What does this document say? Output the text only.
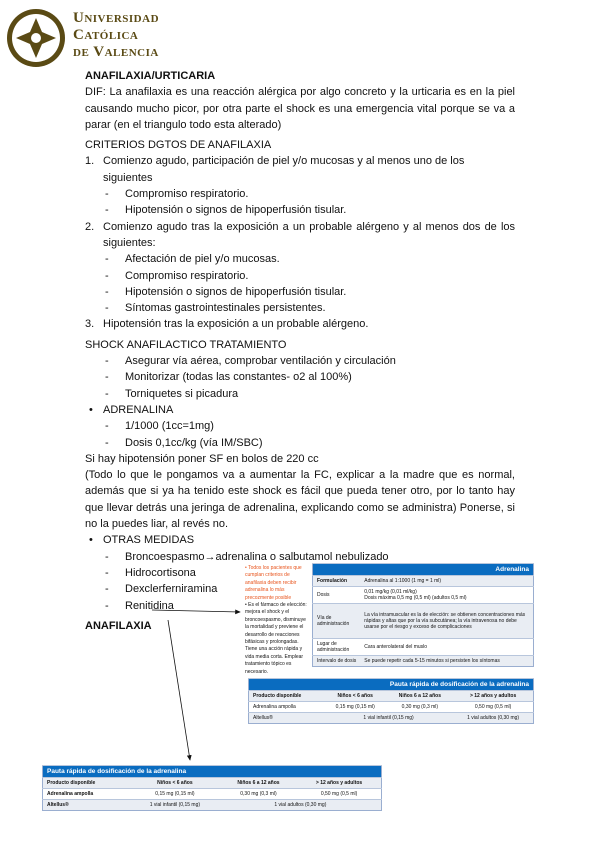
Universidad
Católica
de Valencia

ANAFILAXIA/URTICARIA

DIF: La anafilaxia es una reacción alérgica por algo concreto y la urticaria es en la piel causando mucho picor, por otra parte el shock es una emergencia vital porque se va a parar (en el triangulo todo esta alterado)

CRITERIOS DGTOS DE ANAFILAXIA

1. Comienzo agudo, participación de piel y/o mucosas y al menos uno de los siguientes

- Compromiso respiratorio.

- Hipotensión o signos de hipoperfusión tisular.

2. Comienzo agudo tras la exposición a un probable alérgeno y al menos dos de los siguientes:

- Afectación de piel y/o mucosas.

- Compromiso respiratorio.

- Hipotensión o signos de hipoperfusión tisular.

- Síntomas gastrointestinales persistentes.

3. Hipotensión tras la exposición a un probable alérgeno.

SHOCK ANAFILACTICO TRATAMIENTO

- Asegurar vía aérea, comprobar ventilación y circulación

- Monitorizar (todas las constantes- o2 al 100%)

- Torniquetes si picadura

• ADRENALINA

- 1/1000 (1cc=1mg)

- Dosis 0,1cc/kg (vía IM/SBC)

Si hay hipotensión poner SF en bolos de 220 cc

(Todo lo que le pongamos va a aumentar la FC, explicar a la madre que es normal, además que si ya ha tenido este shock es fácil que pueda tener otro, por lo tanto hay que llevar detrás una jeringa de adrenalina, explicando como se administra) Ponerse, si no la puedes liar, al revés no.

• OTRAS MEDIDAS

- Broncoespasmo→adrenalina o salbutamol nebulizado

- Hidrocortisona

- Dexclerferniramina

- Renitidina

ANAFILAXIA

• Todos los pacientes que cumplan criterios de anafilaxia deben recibir adrenalina lo más precozmente posible
• Es el fármaco de elección: mejora el shock y el broncoespasmo, disminuye la mortalidad y previene el desarrollo de reacciones bifásicas y prolongadas. Tiene una acción rápida y vida media corta. Emplear tratamiento tópico es necesario.
Adrenalina	
Formulación	Adrenalina al 1:1000 (1 mg = 1 ml)
Dosis	0,01 mg/kg (0,01 ml/kg)
Dosis máxima 0,5 mg (0,5 ml) (adultos 0,5 ml)
Vía de administración	La vía intramuscular es la de elección: se obtienen concentraciones más rápidas y altas que por la vía subcutánea; la vía intravenosa no debe usarse por el riesgo y exceso de complicaciones
Lugar de administración	Cara anterolateral del muslo
Intervalo de dosis	Se puede repetir cada 5-15 minutos si persisten los síntomas
Pauta rápida de dosificación de la adrenalina			
Producto disponible	Niños < 6 años	Niños 6 a 12 años	> 12 años y adultos
Adrenalina ampolla	0,15 mg (0,15 ml)	0,30 mg (0,3 ml)	0,50 mg (0,5 ml)
Altellus®	1 vial infantil (0,15 mg)		1 vial adultos (0,30 mg)
Pauta rápida de dosificación de la adrenalina			
Producto disponible	Niños < 6 años	Niños 6 a 12 años	> 12 años y adultos
Adrenalina ampolla	0,15 mg (0,15 ml)	0,30 mg (0,3 ml)	0,50 mg (0,5 ml)
Altellus®	1 vial infantil (0,15 mg)	1 vial adultos (0,30 mg)	
